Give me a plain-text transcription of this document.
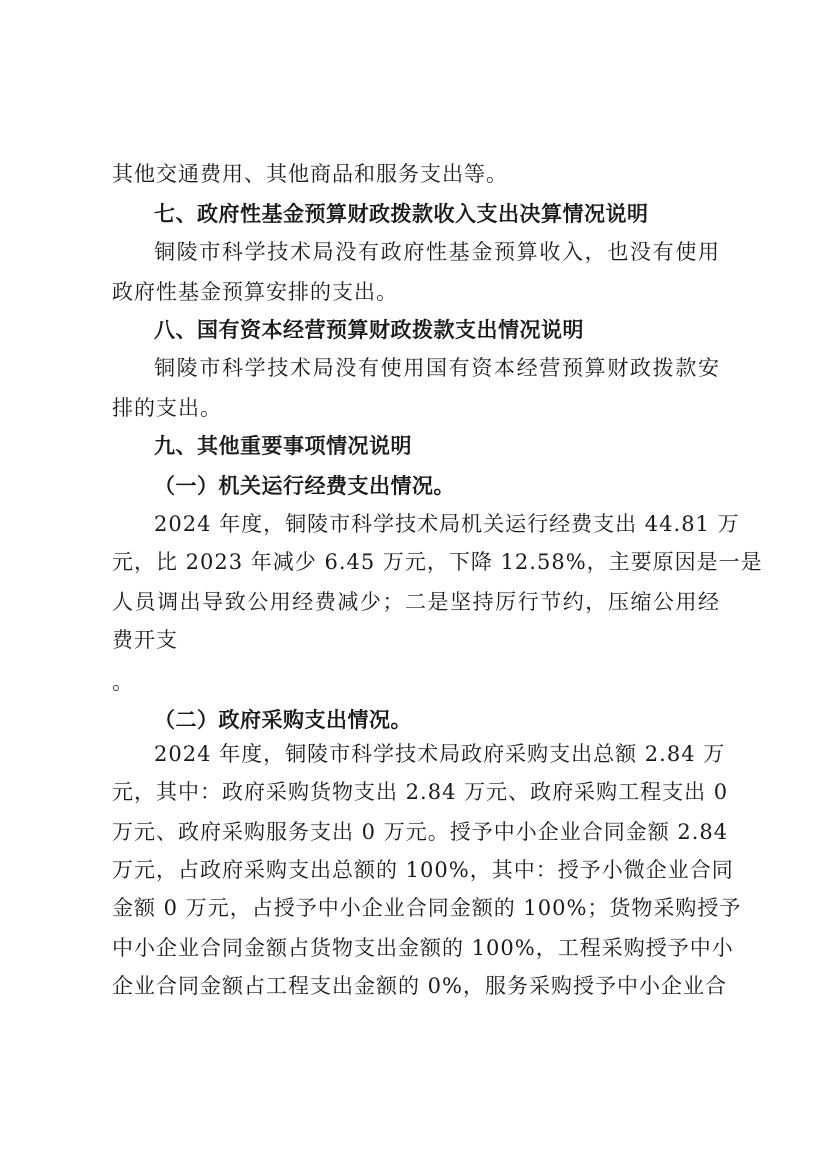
其他交通费用、其他商品和服务支出等。
七、政府性基金预算财政拨款收入支出决算情况说明
铜陵市科学技术局没有政府性基金预算收入，也没有使用
政府性基金预算安排的支出。
八、国有资本经营预算财政拨款支出情况说明
铜陵市科学技术局没有使用国有资本经营预算财政拨款安
排的支出。
九、其他重要事项情况说明
（一）机关运行经费支出情况。
2024 年度，铜陵市科学技术局机关运行经费支出 44.81 万
元，比 2023 年减少 6.45 万元，下降 12.58%，主要原因是一是
人员调出导致公用经费减少；二是坚持厉行节约，压缩公用经
费开支
。
（二）政府采购支出情况。
2024 年度，铜陵市科学技术局政府采购支出总额 2.84 万
元，其中：政府采购货物支出 2.84 万元、政府采购工程支出 0
万元、政府采购服务支出 0 万元。授予中小企业合同金额 2.84
万元，占政府采购支出总额的 100%，其中：授予小微企业合同
金额 0 万元，占授予中小企业合同金额的 100%；货物采购授予
中小企业合同金额占货物支出金额的 100%，工程采购授予中小
企业合同金额占工程支出金额的 0%，服务采购授予中小企业合
